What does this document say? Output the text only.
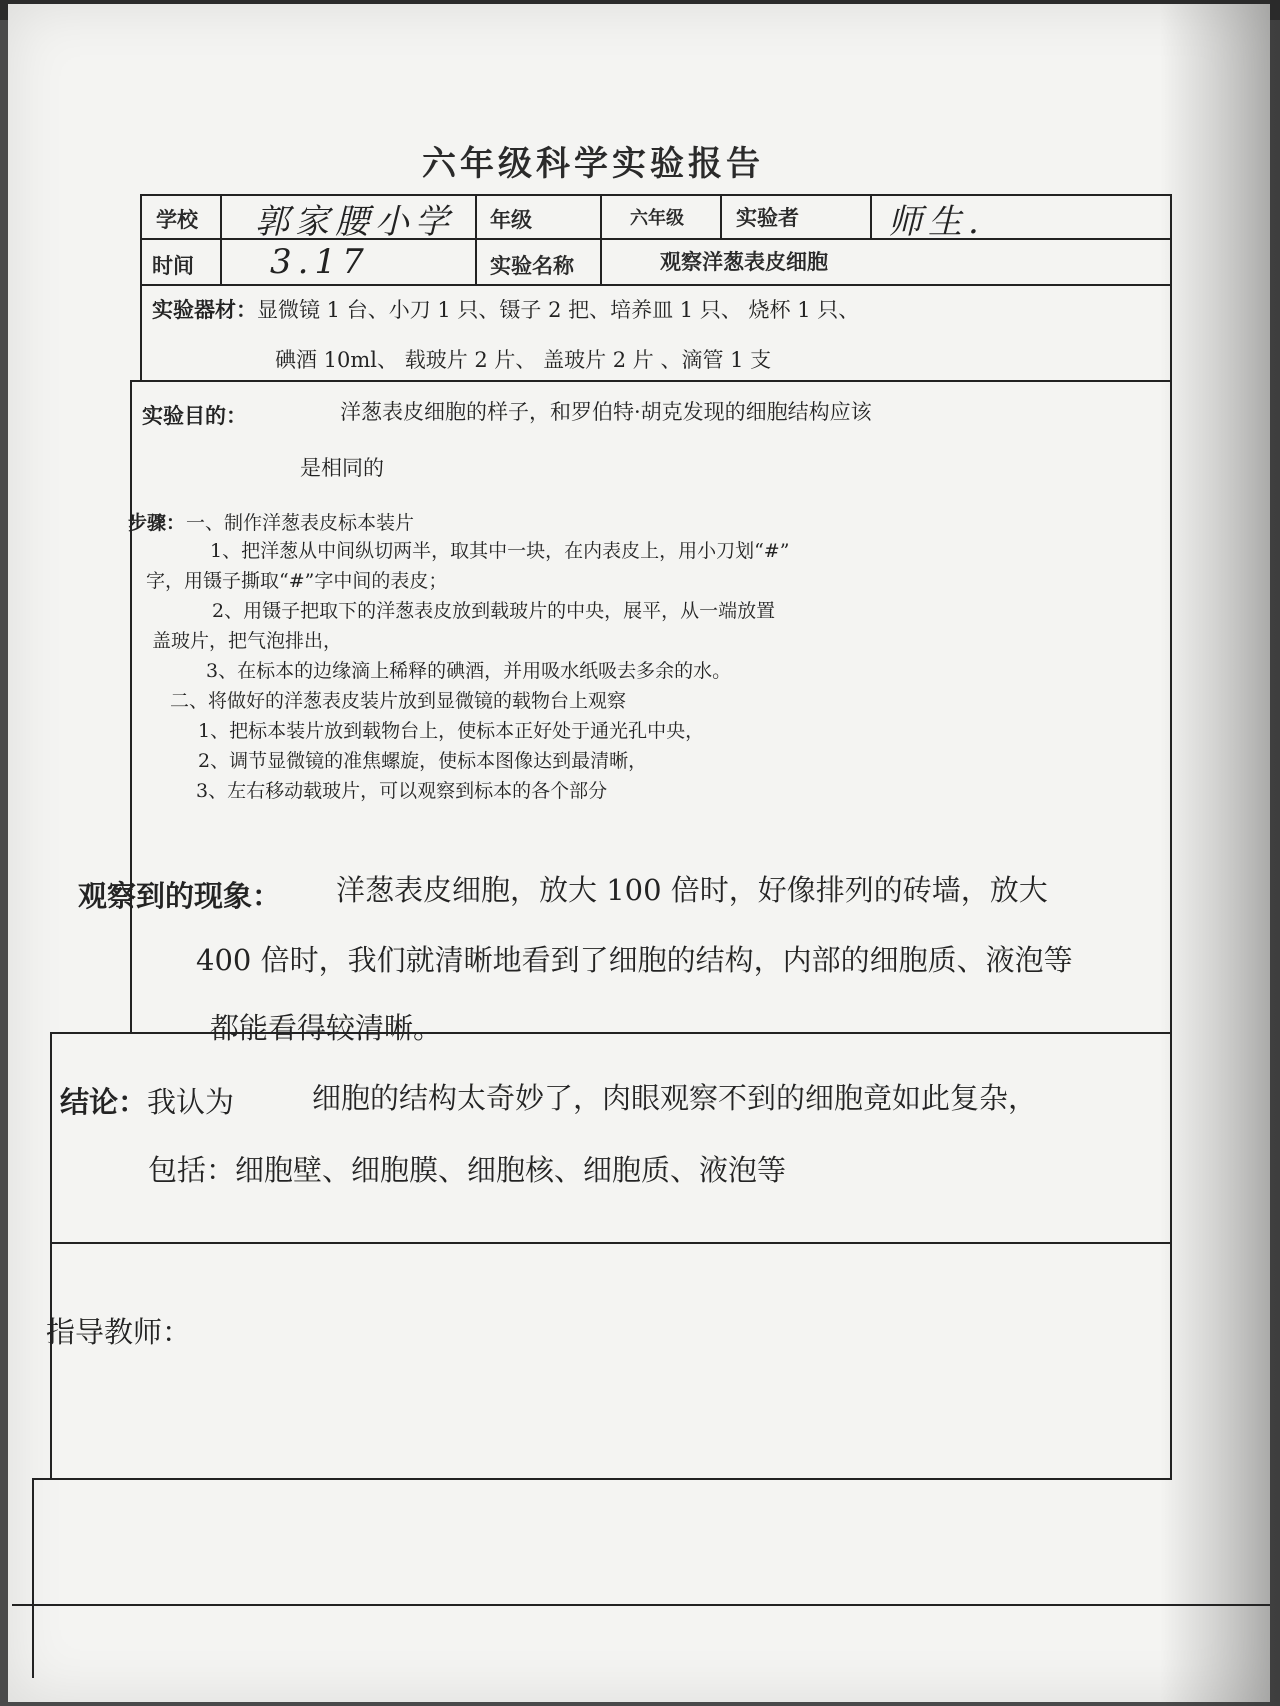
六年级科学实验报告
学校 郭家腰小学 年级	六年级 实验者	师生.
时间 3.17	实验名称	观察洋葱表皮细胞
实验器材：显微镜 1 台、小刀 1 只、镊子 2 把、培养皿 1 只、 烧杯 1 只、
碘酒 10ml、 载玻片 2 片、 盖玻片 2 片 、滴管 1 支
实验目的：	洋葱表皮细胞的样子，和罗伯特·胡克发现的细胞结构应该
是相同的
步骤： 一、制作洋葱表皮标本装片
1、把洋葱从中间纵切两半，取其中一块，在内表皮上，用小刀划“#”
字，用镊子撕取“#”字中间的表皮；
2、用镊子把取下的洋葱表皮放到载玻片的中央，展平，从一端放置
盖玻片，把气泡排出，
3、在标本的边缘滴上稀释的碘酒，并用吸水纸吸去多余的水。
二、将做好的洋葱表皮装片放到显微镜的载物台上观察
1、把标本装片放到载物台上，使标本正好处于通光孔中央，
2、调节显微镜的准焦螺旋，使标本图像达到最清晰，
3、左右移动载玻片，可以观察到标本的各个部分
观察到的现象： 洋葱表皮细胞，放大 100 倍时，好像排列的砖墙，放大
400 倍时，我们就清晰地看到了细胞的结构，内部的细胞质、液泡等
都能看得较清晰。
结论：我认为	细胞的结构太奇妙了，肉眼观察不到的细胞竟如此复杂，
包括：细胞壁、细胞膜、细胞核、细胞质、液泡等
指导教师：
